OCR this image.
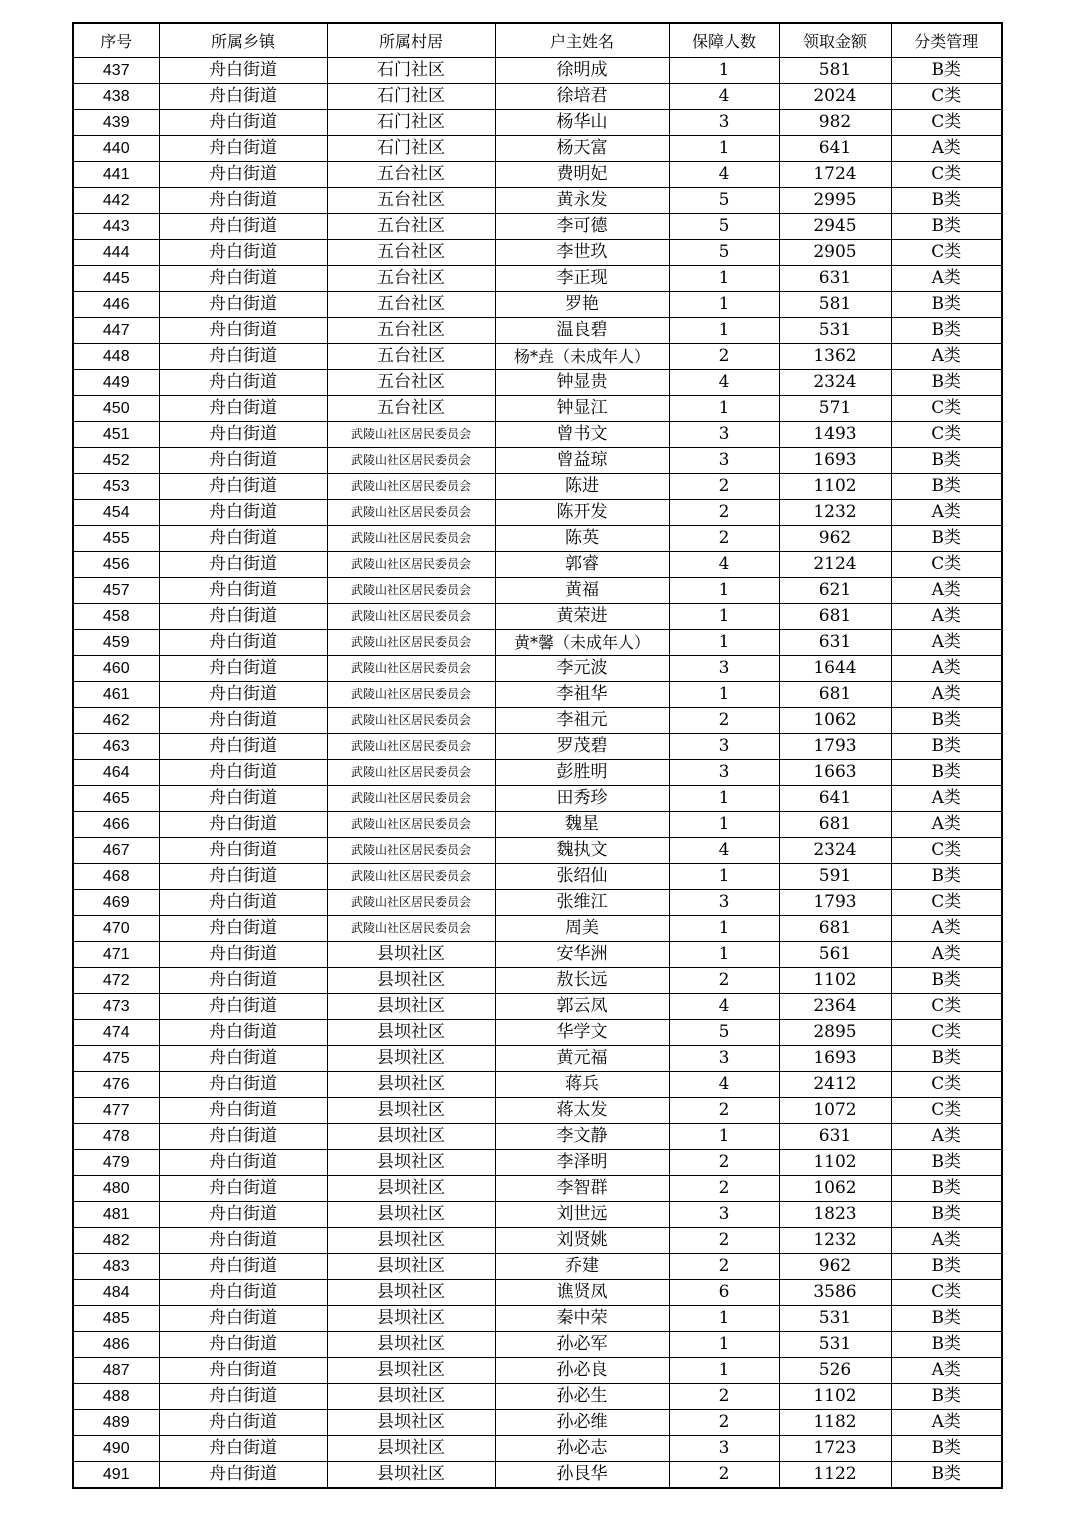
序号	所属乡镇	所属村居	户主姓名	保障人数	领取金额	分类管理
437	舟白街道	石门社区	徐明成	1	581	B类
438	舟白街道	石门社区	徐培君	4	2024	C类
439	舟白街道	石门社区	杨华山	3	982	C类
440	舟白街道	石门社区	杨天富	1	641	A类
441	舟白街道	五台社区	费明妃	4	1724	C类
442	舟白街道	五台社区	黄永发	5	2995	B类
443	舟白街道	五台社区	李可德	5	2945	B类
444	舟白街道	五台社区	李世玖	5	2905	C类
445	舟白街道	五台社区	李正现	1	631	A类
446	舟白街道	五台社区	罗艳	1	581	B类
447	舟白街道	五台社区	温良碧	1	531	B类
448	舟白街道	五台社区	杨*垚（未成年人）	2	1362	A类
449	舟白街道	五台社区	钟显贵	4	2324	B类
450	舟白街道	五台社区	钟显江	1	571	C类
451	舟白街道	武陵山社区居民委员会	曾书文	3	1493	C类
452	舟白街道	武陵山社区居民委员会	曾益琼	3	1693	B类
453	舟白街道	武陵山社区居民委员会	陈进	2	1102	B类
454	舟白街道	武陵山社区居民委员会	陈开发	2	1232	A类
455	舟白街道	武陵山社区居民委员会	陈英	2	962	B类
456	舟白街道	武陵山社区居民委员会	郭睿	4	2124	C类
457	舟白街道	武陵山社区居民委员会	黄福	1	621	A类
458	舟白街道	武陵山社区居民委员会	黄荣进	1	681	A类
459	舟白街道	武陵山社区居民委员会	黄*馨（未成年人）	1	631	A类
460	舟白街道	武陵山社区居民委员会	李元波	3	1644	A类
461	舟白街道	武陵山社区居民委员会	李祖华	1	681	A类
462	舟白街道	武陵山社区居民委员会	李祖元	2	1062	B类
463	舟白街道	武陵山社区居民委员会	罗茂碧	3	1793	B类
464	舟白街道	武陵山社区居民委员会	彭胜明	3	1663	B类
465	舟白街道	武陵山社区居民委员会	田秀珍	1	641	A类
466	舟白街道	武陵山社区居民委员会	魏星	1	681	A类
467	舟白街道	武陵山社区居民委员会	魏执文	4	2324	C类
468	舟白街道	武陵山社区居民委员会	张绍仙	1	591	B类
469	舟白街道	武陵山社区居民委员会	张维江	3	1793	C类
470	舟白街道	武陵山社区居民委员会	周美	1	681	A类
471	舟白街道	县坝社区	安华洲	1	561	A类
472	舟白街道	县坝社区	敖长远	2	1102	B类
473	舟白街道	县坝社区	郭云凤	4	2364	C类
474	舟白街道	县坝社区	华学文	5	2895	C类
475	舟白街道	县坝社区	黄元福	3	1693	B类
476	舟白街道	县坝社区	蒋兵	4	2412	C类
477	舟白街道	县坝社区	蒋太发	2	1072	C类
478	舟白街道	县坝社区	李文静	1	631	A类
479	舟白街道	县坝社区	李泽明	2	1102	B类
480	舟白街道	县坝社区	李智群	2	1062	B类
481	舟白街道	县坝社区	刘世远	3	1823	B类
482	舟白街道	县坝社区	刘贤姚	2	1232	A类
483	舟白街道	县坝社区	乔建	2	962	B类
484	舟白街道	县坝社区	谯贤凤	6	3586	C类
485	舟白街道	县坝社区	秦中荣	1	531	B类
486	舟白街道	县坝社区	孙必军	1	531	B类
487	舟白街道	县坝社区	孙必良	1	526	A类
488	舟白街道	县坝社区	孙必生	2	1102	B类
489	舟白街道	县坝社区	孙必维	2	1182	A类
490	舟白街道	县坝社区	孙必志	3	1723	B类
491	舟白街道	县坝社区	孙艮华	2	1122	B类
